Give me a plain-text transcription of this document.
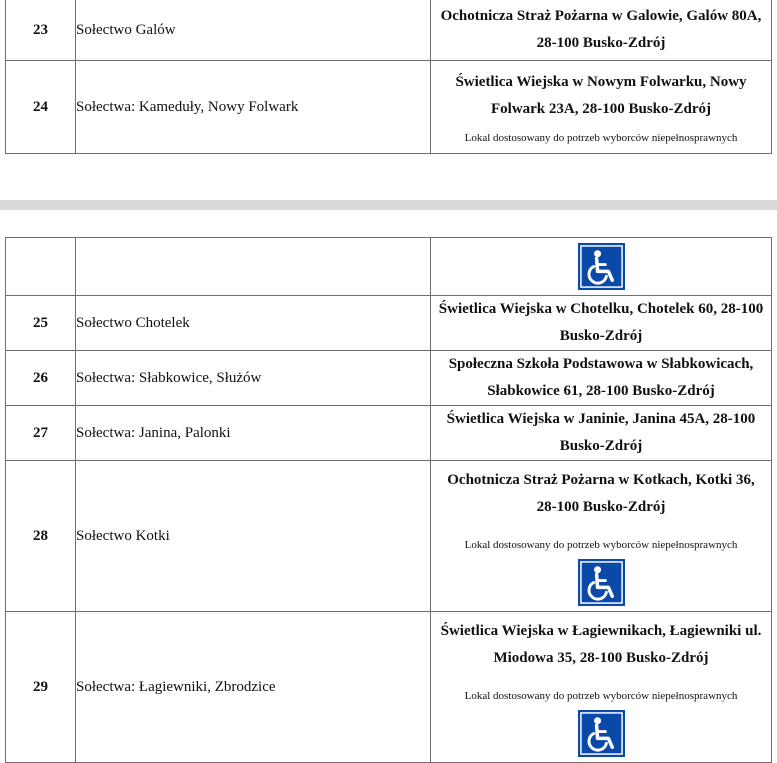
23	Sołectwo Galów	Ochotnicza Straż Pożarna w Galowie, Galów 80A,
28-100 Busko-Zdrój

24	Sołectwa: Kameduły, Nowy Folwark	Świetlica Wiejska w Nowym Folwarku, Nowy
Folwark 23A, 28-100 Busko-Zdrój
Lokal dostosowany do potrzeb wyborców niepełnosprawnych

25	Sołectwo Chotelek	Świetlica Wiejska w Chotelku, Chotelek 60, 28-100
Busko-Zdrój

26	Sołectwa: Słabkowice, Służów	Społeczna Szkoła Podstawowa w Słabkowicach,
Słabkowice 61, 28-100 Busko-Zdrój

27	Sołectwa: Janina, Palonki	Świetlica Wiejska w Janinie, Janina 45A, 28-100
Busko-Zdrój

28	Sołectwo Kotki	Ochotnicza Straż Pożarna w Kotkach, Kotki 36,
28-100 Busko-Zdrój
Lokal dostosowany do potrzeb wyborców niepełnosprawnych

29	Sołectwa: Łagiewniki, Zbrodzice	Świetlica Wiejska w Łagiewnikach, Łagiewniki ul.
Miodowa 35, 28-100 Busko-Zdrój
Lokal dostosowany do potrzeb wyborców niepełnosprawnych
